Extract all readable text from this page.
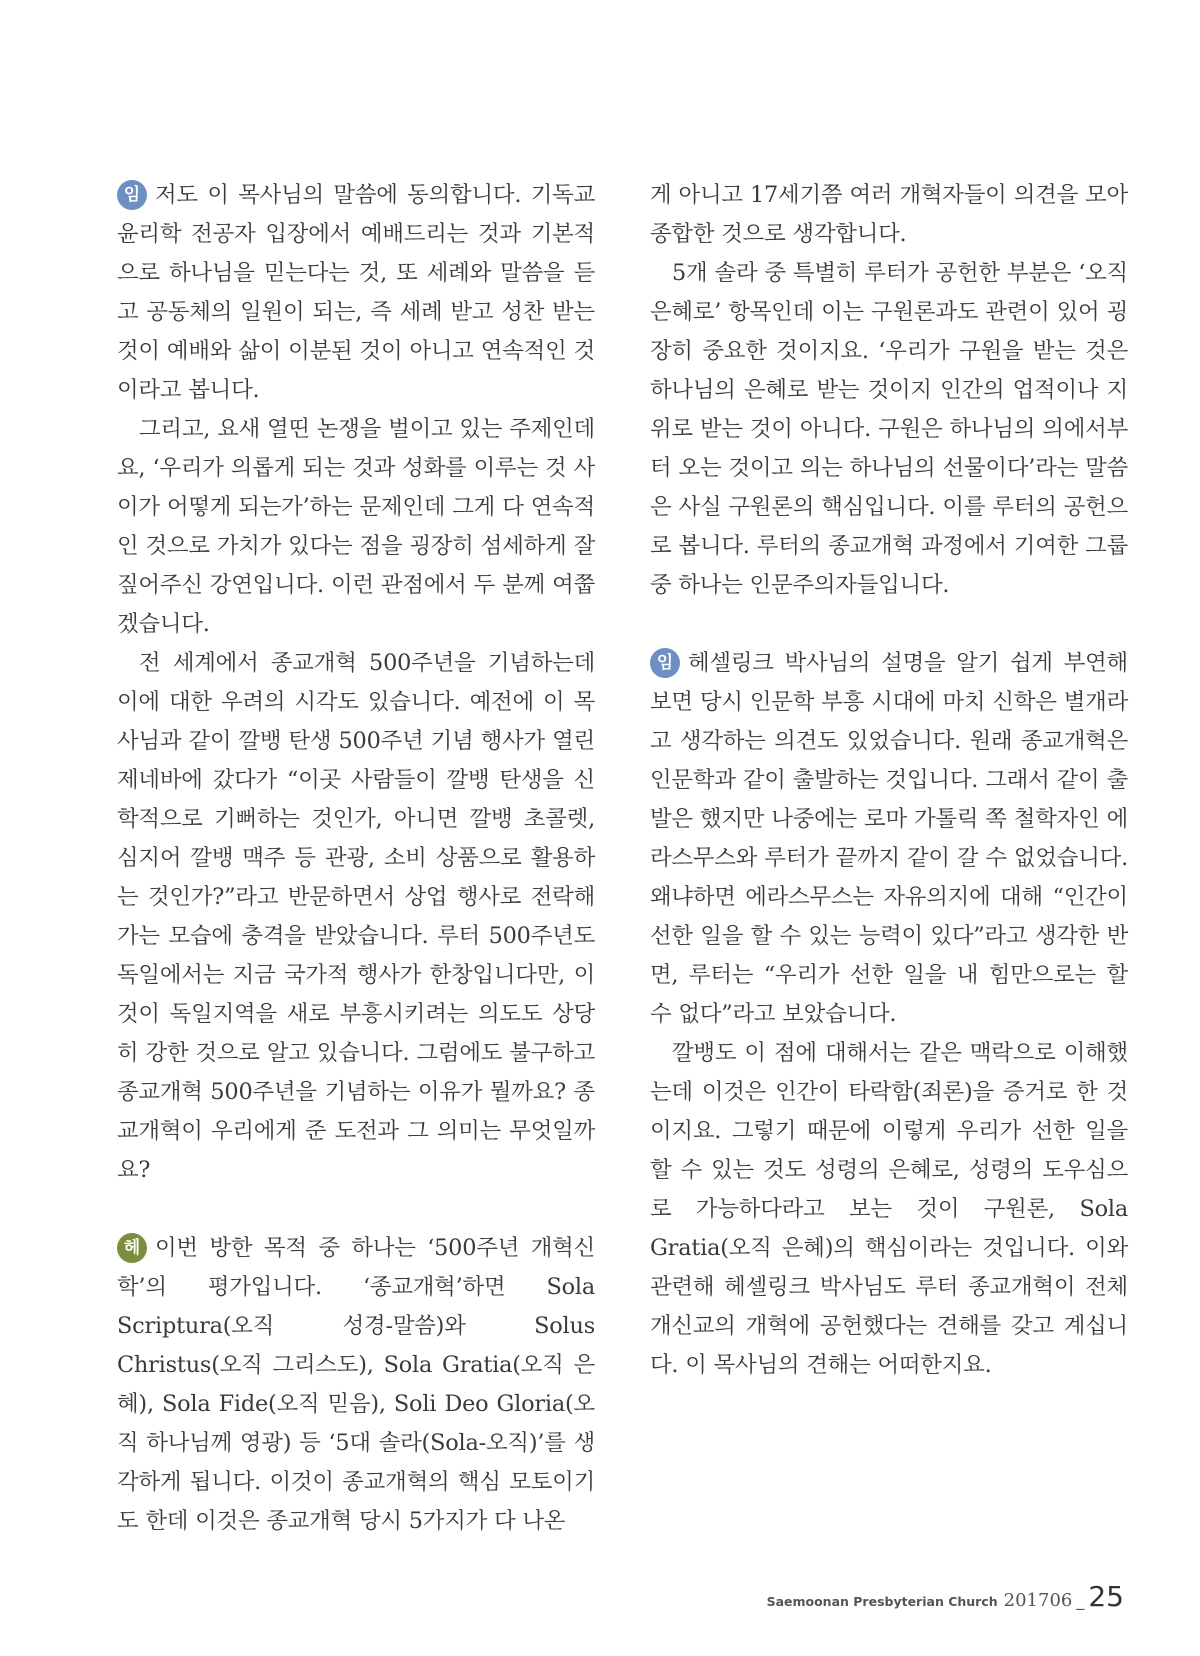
임 저도 이 목사님의 말씀에 동의합니다. 기독교 윤리학 전공자 입장에서 예배드리는 것과 기본적으로 하나님을 믿는다는 것, 또 세례와 말씀을 듣고 공동체의 일원이 되는, 즉 세례 받고 성찬 받는 것이 예배와 삶이 이분된 것이 아니고 연속적인 것이라고 봅니다.

그리고, 요새 열띤 논쟁을 벌이고 있는 주제인데요, ‘우리가 의롭게 되는 것과 성화를 이루는 것 사이가 어떻게 되는가’하는 문제인데 그게 다 연속적인 것으로 가치가 있다는 점을 굉장히 섬세하게 잘 짚어주신 강연입니다. 이런 관점에서 두 분께 여쭙겠습니다.

전 세계에서 종교개혁 500주년을 기념하는데 이에 대한 우려의 시각도 있습니다. 예전에 이 목사님과 같이 깔뱅 탄생 500주년 기념 행사가 열린 제네바에 갔다가 “이곳 사람들이 깔뱅 탄생을 신학적으로 기뻐하는 것인가, 아니면 깔뱅 초콜렛, 심지어 깔뱅 맥주 등 관광, 소비 상품으로 활용하는 것인가?”라고 반문하면서 상업 행사로 전락해가는 모습에 충격을 받았습니다. 루터 500주년도 독일에서는 지금 국가적 행사가 한창입니다만, 이것이 독일지역을 새로 부흥시키려는 의도도 상당히 강한 것으로 알고 있습니다. 그럼에도 불구하고 종교개혁 500주년을 기념하는 이유가 뭘까요? 종교개혁이 우리에게 준 도전과 그 의미는 무엇일까요?

헤 이번 방한 목적 중 하나는 ‘500주년 개혁신학’의 평가입니다. ‘종교개혁’하면 Sola Scriptura(오직 성경-말씀)와 Solus Christus(오직 그리스도), Sola Gratia(오직 은혜), Sola Fide(오직 믿음), Soli Deo Gloria(오직 하나님께 영광) 등 ‘5대 솔라(Sola-오직)’를 생각하게 됩니다. 이것이 종교개혁의 핵심 모토이기도 한데 이것은 종교개혁 당시 5가지가 다 나온

게 아니고 17세기쯤 여러 개혁자들이 의견을 모아 종합한 것으로 생각합니다.

5개 솔라 중 특별히 루터가 공헌한 부분은 ‘오직 은혜로’ 항목인데 이는 구원론과도 관련이 있어 굉장히 중요한 것이지요. ‘우리가 구원을 받는 것은 하나님의 은혜로 받는 것이지 인간의 업적이나 지위로 받는 것이 아니다. 구원은 하나님의 의에서부터 오는 것이고 의는 하나님의 선물이다’라는 말씀은 사실 구원론의 핵심입니다. 이를 루터의 공헌으로 봅니다. 루터의 종교개혁 과정에서 기여한 그룹 중 하나는 인문주의자들입니다.

임 헤셀링크 박사님의 설명을 알기 쉽게 부연해보면 당시 인문학 부흥 시대에 마치 신학은 별개라고 생각하는 의견도 있었습니다. 원래 종교개혁은 인문학과 같이 출발하는 것입니다. 그래서 같이 출발은 했지만 나중에는 로마 가톨릭 쪽 철학자인 에라스무스와 루터가 끝까지 같이 갈 수 없었습니다. 왜냐하면 에라스무스는 자유의지에 대해 “인간이 선한 일을 할 수 있는 능력이 있다”라고 생각한 반면, 루터는 “우리가 선한 일을 내 힘만으로는 할 수 없다”라고 보았습니다.

깔뱅도 이 점에 대해서는 같은 맥락으로 이해했는데 이것은 인간이 타락함(죄론)을 증거로 한 것이지요. 그렇기 때문에 이렇게 우리가 선한 일을 할 수 있는 것도 성령의 은혜로, 성령의 도우심으로 가능하다라고 보는 것이 구원론, Sola Gratia(오직 은혜)의 핵심이라는 것입니다. 이와 관련해 헤셀링크 박사님도 루터 종교개혁이 전체 개신교의 개혁에 공헌했다는 견해를 갖고 계십니다. 이 목사님의 견해는 어떠한지요.

Saemoonan Presbyterian Church 201706 _ 25
